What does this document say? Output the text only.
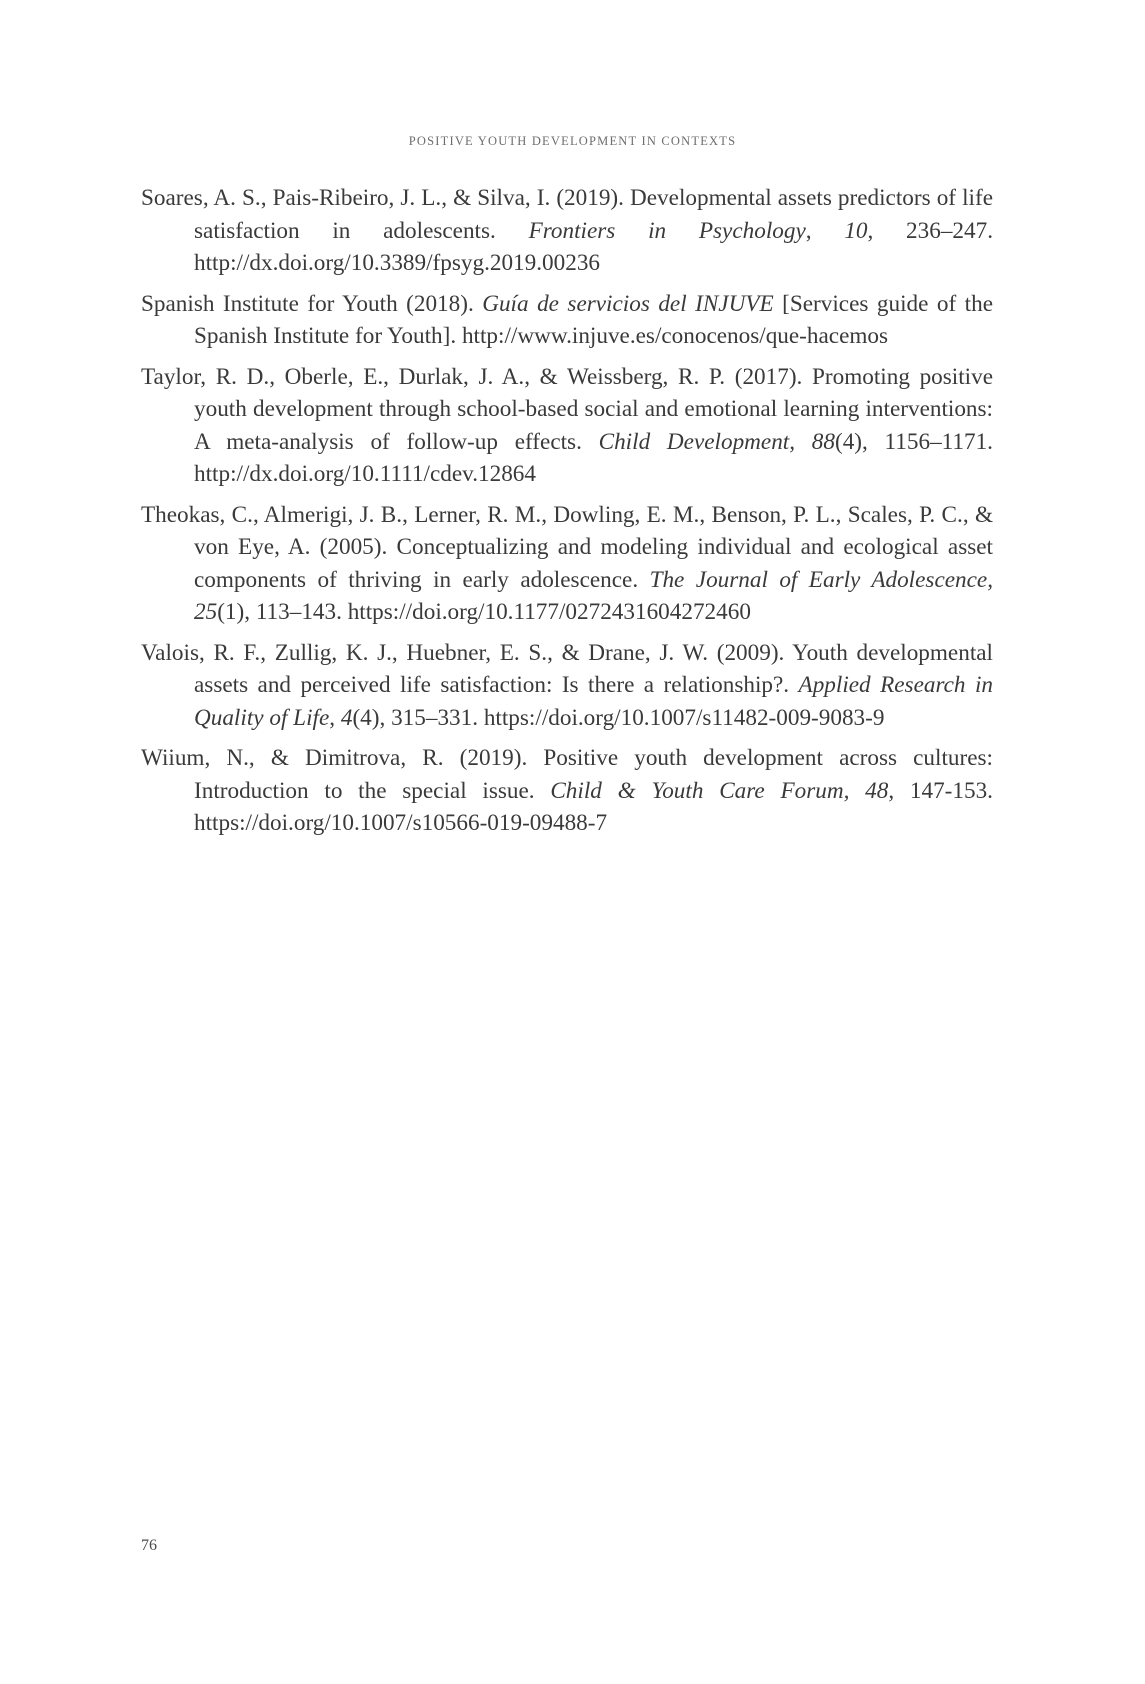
POSITIVE YOUTH DEVELOPMENT IN CONTEXTS

Soares, A. S., Pais-Ribeiro, J. L., & Silva, I. (2019). Developmental assets predictors of life satisfaction in adolescents. Frontiers in Psychology, 10, 236–247. http://dx.doi.org/10.3389/fpsyg.2019.00236

Spanish Institute for Youth (2018). Guía de servicios del INJUVE [Services guide of the Spanish Institute for Youth]. http://www.injuve.es/conocenos/que-hacemos

Taylor, R. D., Oberle, E., Durlak, J. A., & Weissberg, R. P. (2017). Promoting positive youth development through school-based social and emotional learning interventions: A meta-analysis of follow-up effects. Child Development, 88(4), 1156–1171. http://dx.doi.org/10.1111/cdev.12864

Theokas, C., Almerigi, J. B., Lerner, R. M., Dowling, E. M., Benson, P. L., Scales, P. C., & von Eye, A. (2005). Conceptualizing and modeling individual and ecological asset components of thriving in early adolescence. The Journal of Early Adolescence, 25(1), 113–143. https://doi.org/10.1177/0272431604272460

Valois, R. F., Zullig, K. J., Huebner, E. S., & Drane, J. W. (2009). Youth developmental assets and perceived life satisfaction: Is there a relationship?. Applied Research in Quality of Life, 4(4), 315–331. https://doi.org/10.1007/s11482-009-9083-9

Wiium, N., & Dimitrova, R. (2019). Positive youth development across cultures: Introduction to the special issue. Child & Youth Care Forum, 48, 147-153. https://doi.org/10.1007/s10566-019-09488-7

76
